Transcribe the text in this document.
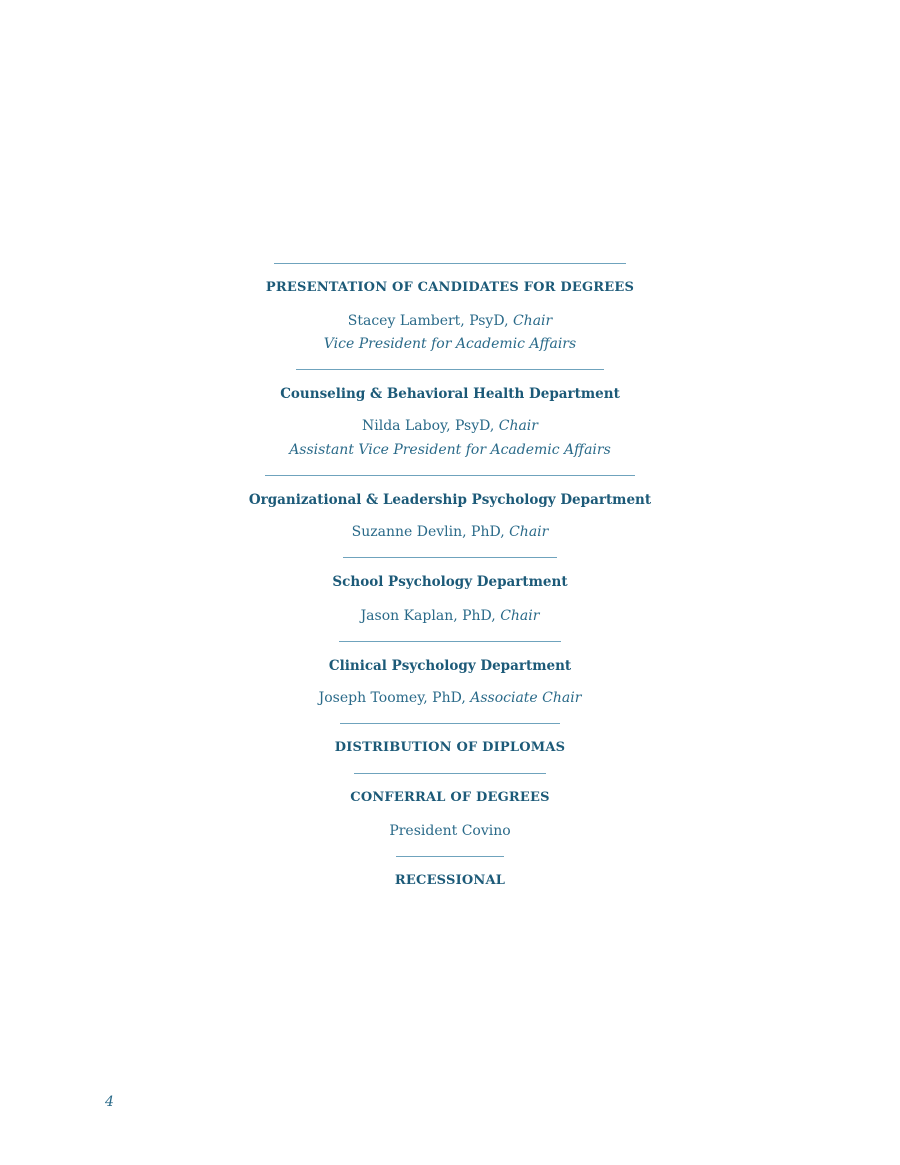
PRESENTATION OF CANDIDATES FOR DEGREES
Stacey Lambert, PsyD, Chair
Vice President for Academic Affairs
Counseling & Behavioral Health Department
Nilda Laboy, PsyD, Chair
Assistant Vice President for Academic Affairs
Organizational & Leadership Psychology Department
Suzanne Devlin, PhD, Chair
School Psychology Department
Jason Kaplan, PhD, Chair
Clinical Psychology Department
Joseph Toomey, PhD, Associate Chair
DISTRIBUTION OF DIPLOMAS
CONFERRAL OF DEGREES
President Covino
RECESSIONAL
4
